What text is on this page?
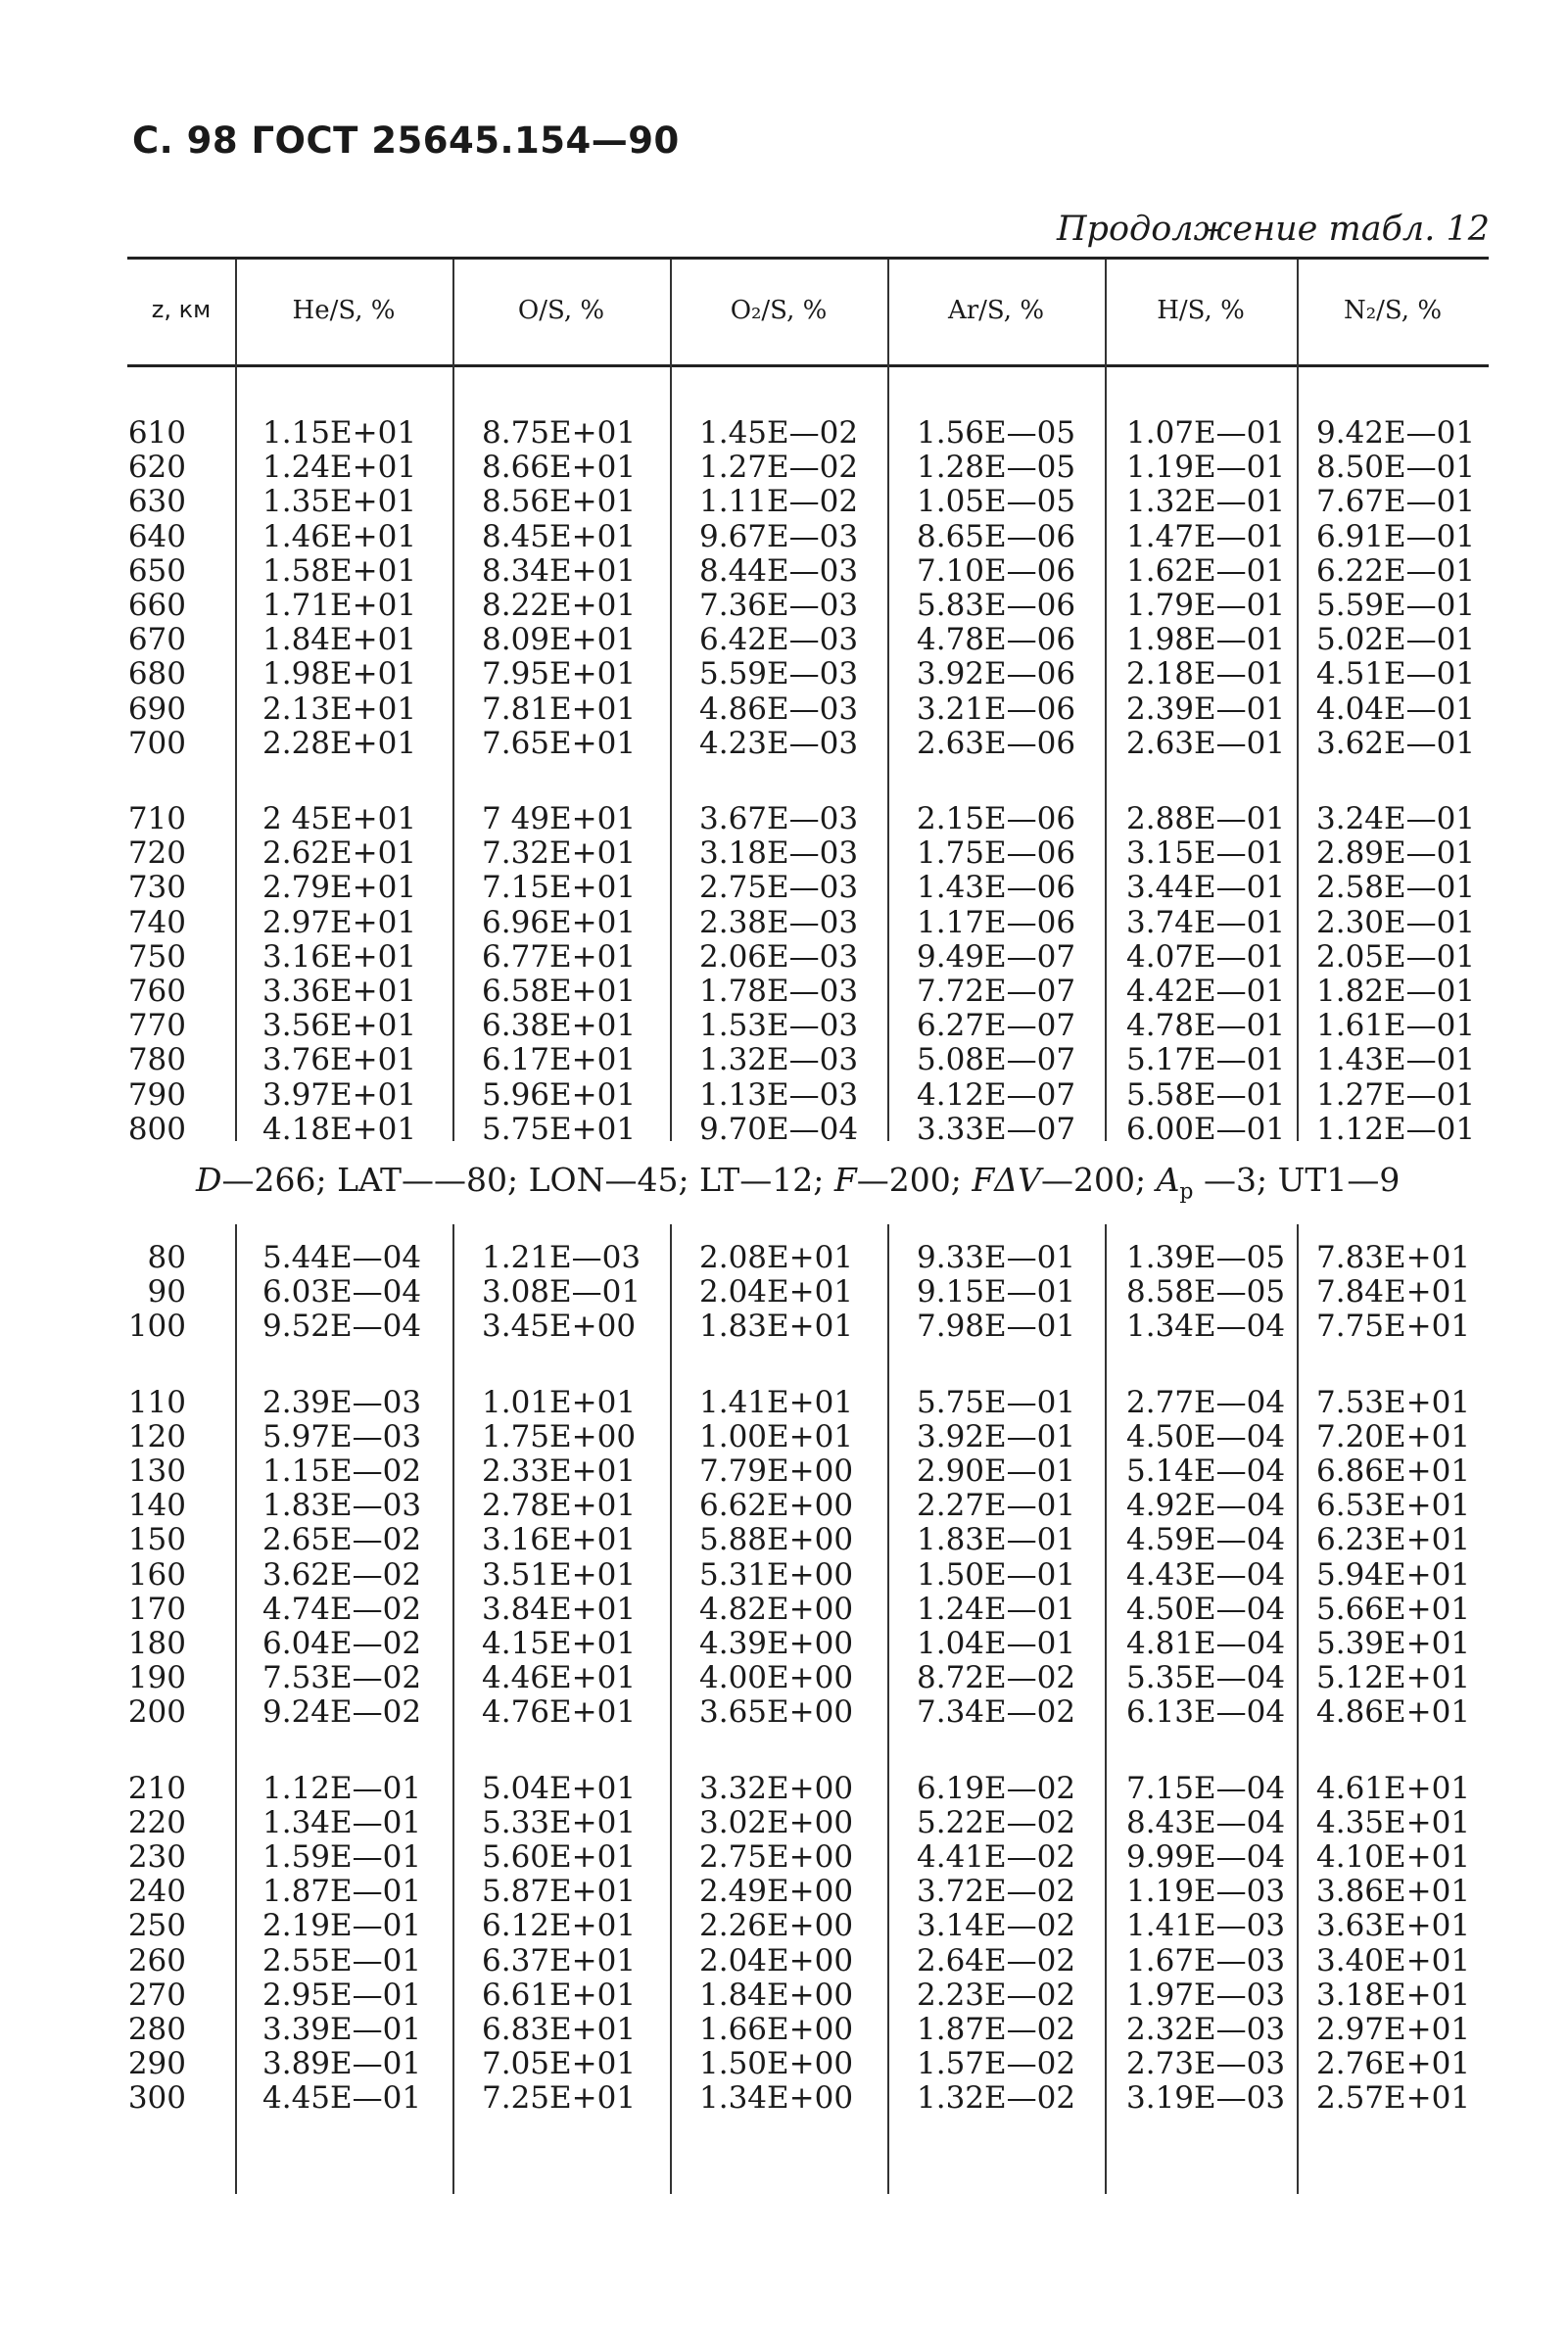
С. 98 ГОСТ 25645.154—90
Продолжение табл. 12
z, км	He/S, %	O/S, %	O₂/S, %	Ar/S, %	H/S, %	N₂/S, %
610	1.15E+01 8.75E+01 1.45E—02 1.56E—05 1.07E—01 9.42E—01
620	1.24E+01 8.66E+01 1.27E—02 1.28E—05 1.19E—01 8.50E—01
630	1.35E+01 8.56E+01 1.11E—02 1.05E—05 1.32E—01 7.67E—01
640	1.46E+01 8.45E+01 9.67E—03 8.65E—06 1.47E—01 6.91E—01
650	1.58E+01 8.34E+01 8.44E—03 7.10E—06 1.62E—01 6.22E—01
660	1.71E+01 8.22E+01 7.36E—03 5.83E—06 1.79E—01 5.59E—01
670	1.84E+01 8.09E+01 6.42E—03 4.78E—06 1.98E—01 5.02E—01
680	1.98E+01 7.95E+01 5.59E—03 3.92E—06 2.18E—01 4.51E—01
690	2.13E+01 7.81E+01 4.86E—03 3.21E—06 2.39E—01 4.04E—01
700	2.28E+01 7.65E+01 4.23E—03 2.63E—06 2.63E—01 3.62E—01
710	2 45E+01 7 49E+01 3.67E—03 2.15E—06 2.88E—01 3.24E—01
720	2.62E+01 7.32E+01 3.18E—03 1.75E—06 3.15E—01 2.89E—01
730	2.79E+01 7.15E+01 2.75E—03 1.43E—06 3.44E—01 2.58E—01
740	2.97E+01 6.96E+01 2.38E—03 1.17E—06 3.74E—01 2.30E—01
750	3.16E+01 6.77E+01 2.06E—03 9.49E—07 4.07E—01 2.05E—01
760	3.36E+01 6.58E+01 1.78E—03 7.72E—07 4.42E—01 1.82E—01
770	3.56E+01 6.38E+01 1.53E—03 6.27E—07 4.78E—01 1.61E—01
780	3.76E+01 6.17E+01 1.32E—03 5.08E—07 5.17E—01 1.43E—01
790	3.97E+01 5.96E+01 1.13E—03 4.12E—07 5.58E—01 1.27E—01
800	4.18E+01 5.75E+01 9.70E—04 3.33E—07 6.00E—01 1.12E—01
80	5.44E—04 1.21E—03 2.08E+01 9.33E—01 1.39E—05 7.83E+01
90	6.03E—04 3.08E—01 2.04E+01 9.15E—01 8.58E—05 7.84E+01
100	9.52E—04 3.45E+00 1.83E+01 7.98E—01 1.34E—04 7.75E+01
110	2.39E—03 1.01E+01 1.41E+01 5.75E—01 2.77E—04 7.53E+01
120	5.97E—03 1.75E+00 1.00E+01 3.92E—01 4.50E—04 7.20E+01
130	1.15E—02 2.33E+01 7.79E+00 2.90E—01 5.14E—04 6.86E+01
140	1.83E—03 2.78E+01 6.62E+00 2.27E—01 4.92E—04 6.53E+01
150	2.65E—02 3.16E+01 5.88E+00 1.83E—01 4.59E—04 6.23E+01
160	3.62E—02 3.51E+01 5.31E+00 1.50E—01 4.43E—04 5.94E+01
170	4.74E—02 3.84E+01 4.82E+00 1.24E—01 4.50E—04 5.66E+01
180	6.04E—02 4.15E+01 4.39E+00 1.04E—01 4.81E—04 5.39E+01
190	7.53E—02 4.46E+01 4.00E+00 8.72E—02 5.35E—04 5.12E+01
200	9.24E—02 4.76E+01 3.65E+00 7.34E—02 6.13E—04 4.86E+01
210	1.12E—01 5.04E+01 3.32E+00 6.19E—02 7.15E—04 4.61E+01
220	1.34E—01 5.33E+01 3.02E+00 5.22E—02 8.43E—04 4.35E+01
230	1.59E—01 5.60E+01 2.75E+00 4.41E—02 9.99E—04 4.10E+01
240	1.87E—01 5.87E+01 2.49E+00 3.72E—02 1.19E—03 3.86E+01
250	2.19E—01 6.12E+01 2.26E+00 3.14E—02 1.41E—03 3.63E+01
260	2.55E—01 6.37E+01 2.04E+00 2.64E—02 1.67E—03 3.40E+01
270	2.95E—01 6.61E+01 1.84E+00 2.23E—02 1.97E—03 3.18E+01
280	3.39E—01 6.83E+01 1.66E+00 1.87E—02 2.32E—03 2.97E+01
290	3.89E—01 7.05E+01 1.50E+00 1.57E—02 2.73E—03 2.76E+01
300	4.45E—01 7.25E+01 1.34E+00 1.32E—02 3.19E—03 2.57E+01
D—266; LAT——80; LON—45; LT—12; F—200; FΔV—200; $A_p$ —3; UT1—9
